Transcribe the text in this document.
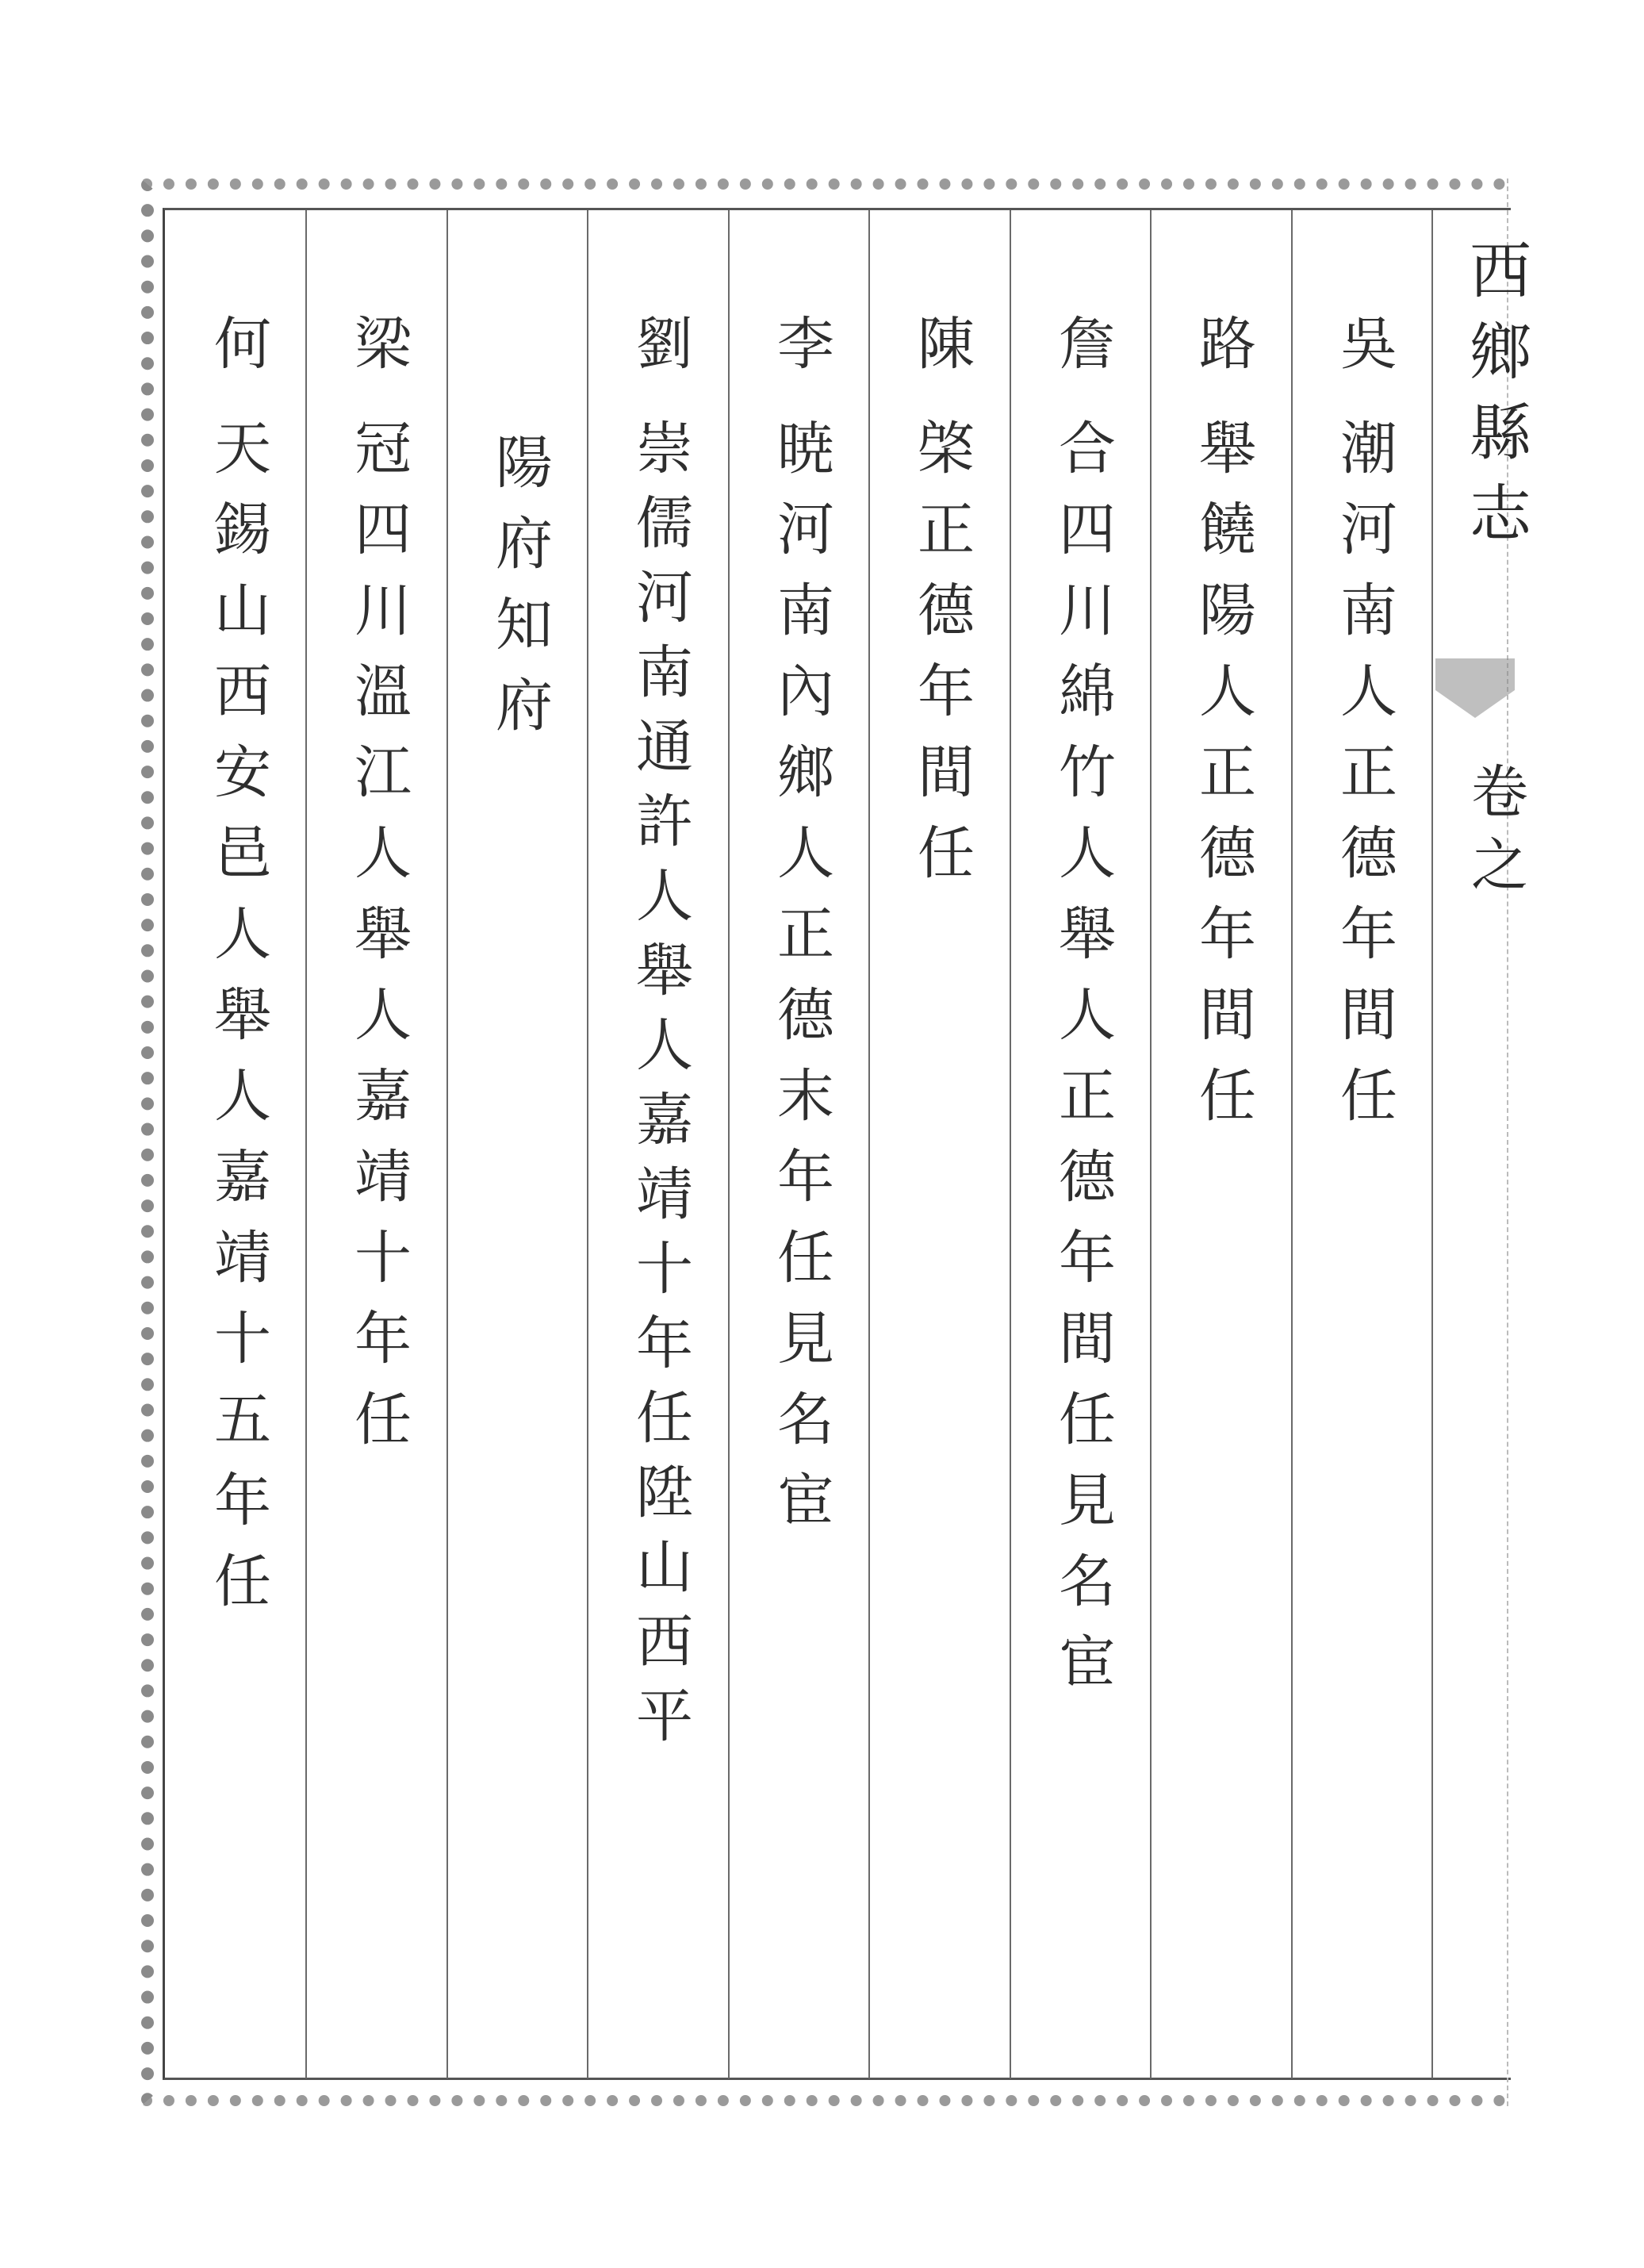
西鄉縣志
卷之
吳潮河南人正德年間任
路舉饒陽人正德年間任
詹合四川綿竹人舉人正德年間任見名宦
陳棨正德年間任
李暁河南內鄉人正德末年任見名宦
劉崇儒河南通許人舉人嘉靖十年任陞山西平
陽府知府
梁冠四川溫江人舉人嘉靖十年任
何天錫山西安邑人舉人嘉靖十五年任
